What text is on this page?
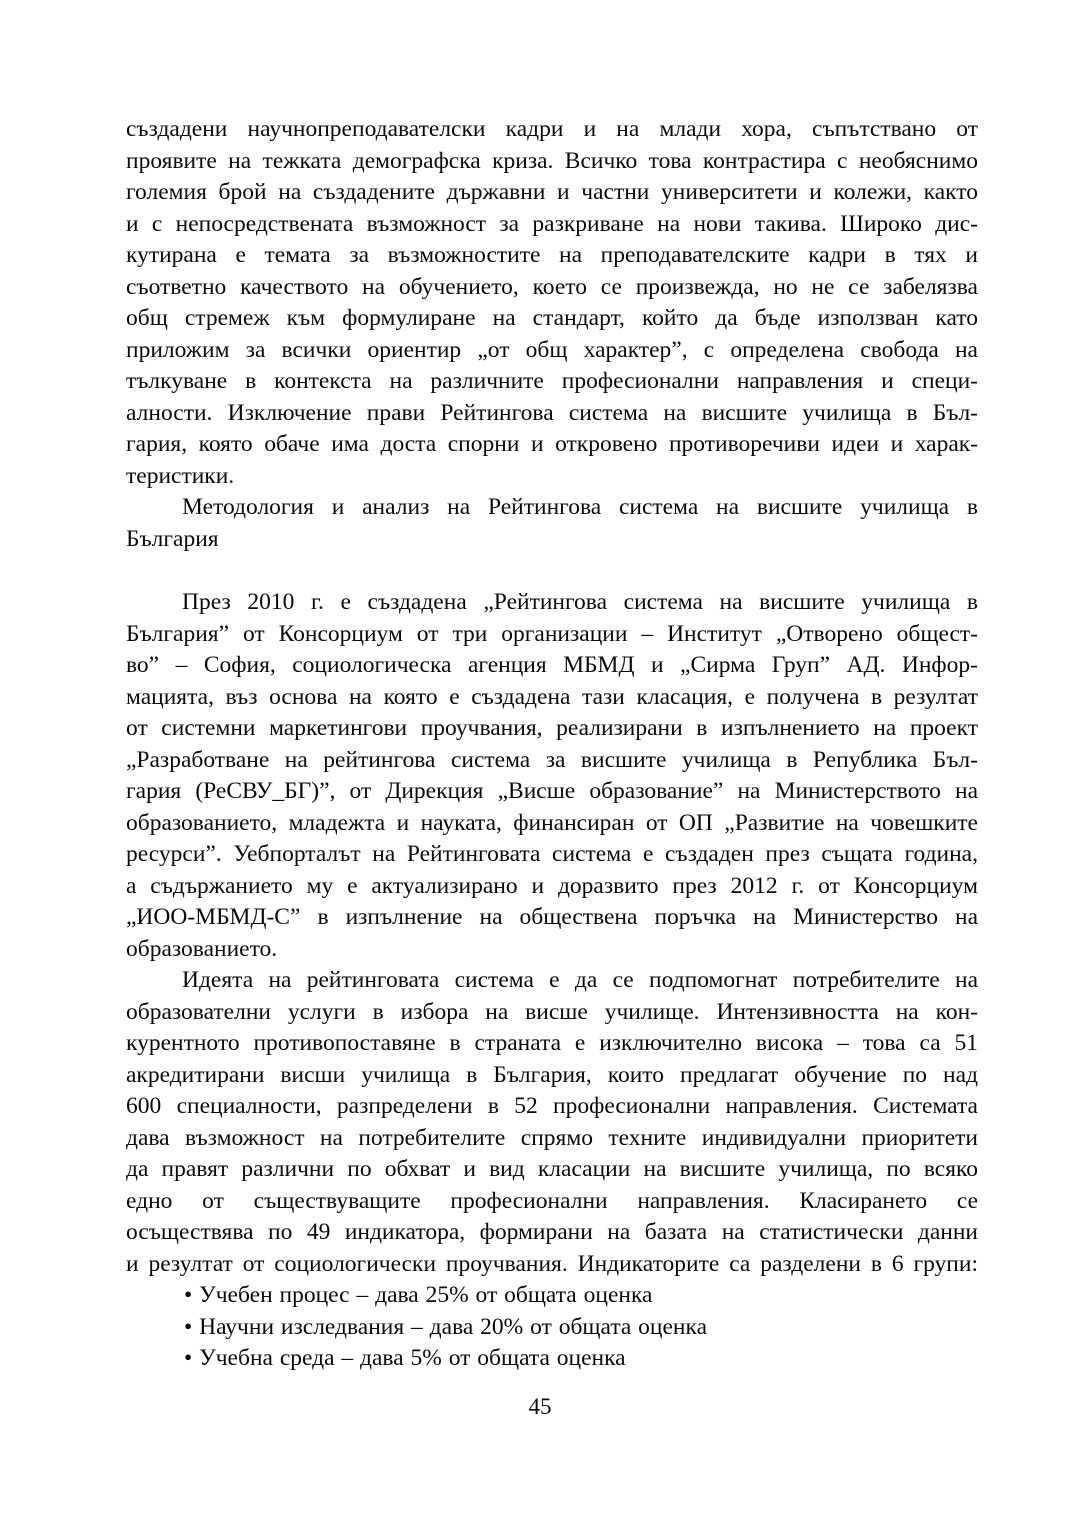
създадени научнопреподавателски кадри и на млади хора, съпътствано от
проявите на тежката демографска криза. Всичко това контрастира с необяснимо
големия брой на създадените държавни и частни университети и колежи, както
и с непосредствената възможност за разкриване на нови такива. Широко дис-
кутирана е темата за възможностите на преподавателските кадри в тях и
съответно качеството на обучението, което се произвежда, но не се забелязва
общ стремеж към формулиране на стандарт, който да бъде използван като
приложим за всички ориентир „от общ характер”, с определена свобода на
тълкуване в контекста на различните професионални направления и специ-
алности. Изключение прави Рейтингова система на висшите училища в Бъл-
гария, която обаче има доста спорни и откровено противоречиви идеи и харак-
теристики.
Методология и анализ на Рейтингова система на висшите училища в
България
През 2010 г. е създадена „Рейтингова система на висшите училища в
България” от Консорциум от три организации – Институт „Отворено общест-
во” – София, социологическа агенция МБМД и „Сирма Груп” АД. Инфор-
мацията, въз основа на която е създадена тази класация, е получена в резултат
от системни маркетингови проучвания, реализирани в изпълнението на проект
„Разработване на рейтингова система за висшите училища в Република Бъл-
гария (РеСВУ_БГ)”, от Дирекция „Висше образование” на Министерството на
образованието, младежта и науката, финансиран от ОП „Развитие на човешките
ресурси”. Уебпорталът на Рейтинговата система е създаден през същата година,
а съдържанието му е актуализирано и доразвито през 2012 г. от Консорциум
„ИОО-МБМД-С” в изпълнение на обществена поръчка на Министерство на
образованието.
Идеята на рейтинговата система е да се подпомогнат потребителите на
образователни услуги в избора на висше училище. Интензивността на кон-
курентното противопоставяне в страната е изключително висока – това са 51
акредитирани висши училища в България, които предлагат обучение по над
600 специалности, разпределени в 52 професионални направления. Системата
дава възможност на потребителите спрямо техните индивидуални приоритети
да правят различни по обхват и вид класации на висшите училища, по всяко
едно от съществуващите професионални направления. Класирането се
осъществява по 49 индикатора, формирани на базата на статистически данни
и резултат от социологически проучвания. Индикаторите са разделени в 6 групи:
• Учебен процес – дава 25% от общата оценка
• Научни изследвания – дава 20% от общата оценка
• Учебна среда – дава 5% от общата оценка
45
